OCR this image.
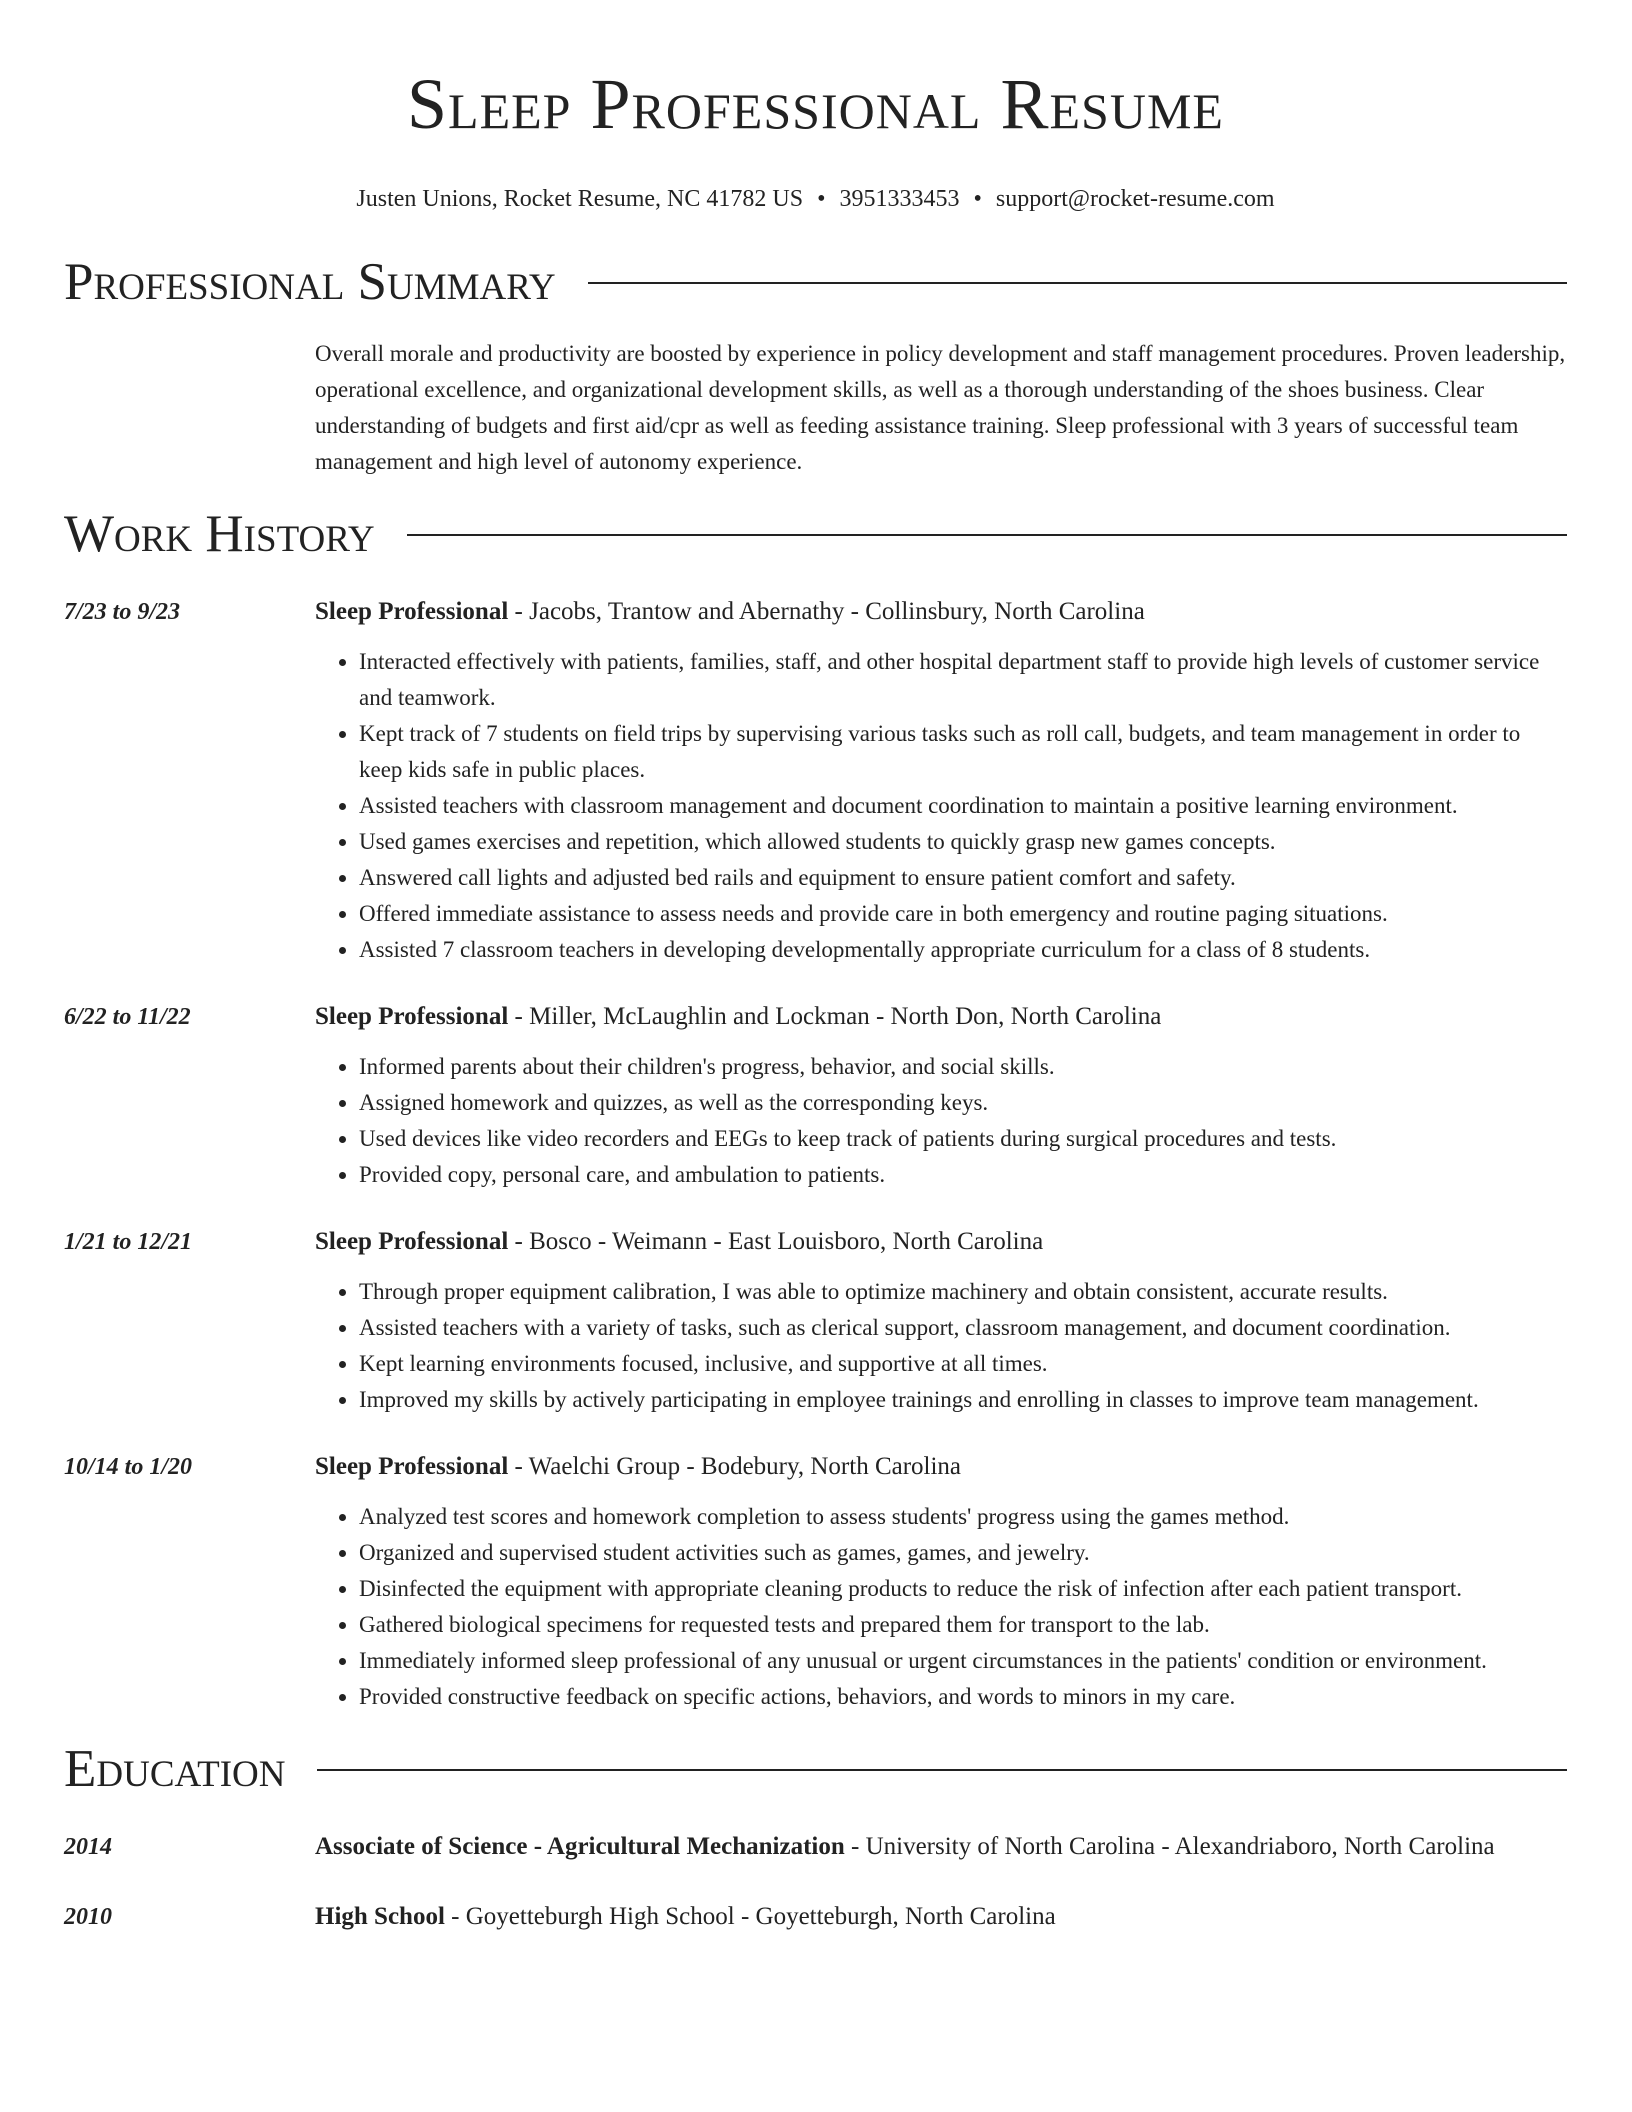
Sleep Professional Resume
Justen Unions, Rocket Resume, NC 41782 US • 3951333453 • support@rocket-resume.com
Professional Summary
Overall morale and productivity are boosted by experience in policy development and staff management procedures. Proven leadership, operational excellence, and organizational development skills, as well as a thorough understanding of the shoes business. Clear understanding of budgets and first aid/cpr as well as feeding assistance training. Sleep professional with 3 years of successful team management and high level of autonomy experience.
Work History
7/23 to 9/23	Sleep Professional - Jacobs, Trantow and Abernathy - Collinsbury, North Carolina
• Interacted effectively with patients, families, staff, and other hospital department staff to provide high levels of customer service and teamwork.
• Kept track of 7 students on field trips by supervising various tasks such as roll call, budgets, and team management in order to keep kids safe in public places.
• Assisted teachers with classroom management and document coordination to maintain a positive learning environment.
• Used games exercises and repetition, which allowed students to quickly grasp new games concepts.
• Answered call lights and adjusted bed rails and equipment to ensure patient comfort and safety.
• Offered immediate assistance to assess needs and provide care in both emergency and routine paging situations.
• Assisted 7 classroom teachers in developing developmentally appropriate curriculum for a class of 8 students.
6/22 to 11/22	Sleep Professional - Miller, McLaughlin and Lockman - North Don, North Carolina
• Informed parents about their children's progress, behavior, and social skills.
• Assigned homework and quizzes, as well as the corresponding keys.
• Used devices like video recorders and EEGs to keep track of patients during surgical procedures and tests.
• Provided copy, personal care, and ambulation to patients.
1/21 to 12/21	Sleep Professional - Bosco - Weimann - East Louisboro, North Carolina
• Through proper equipment calibration, I was able to optimize machinery and obtain consistent, accurate results.
• Assisted teachers with a variety of tasks, such as clerical support, classroom management, and document coordination.
• Kept learning environments focused, inclusive, and supportive at all times.
• Improved my skills by actively participating in employee trainings and enrolling in classes to improve team management.
10/14 to 1/20	Sleep Professional - Waelchi Group - Bodebury, North Carolina
• Analyzed test scores and homework completion to assess students' progress using the games method.
• Organized and supervised student activities such as games, games, and jewelry.
• Disinfected the equipment with appropriate cleaning products to reduce the risk of infection after each patient transport.
• Gathered biological specimens for requested tests and prepared them for transport to the lab.
• Immediately informed sleep professional of any unusual or urgent circumstances in the patients' condition or environment.
• Provided constructive feedback on specific actions, behaviors, and words to minors in my care.
Education
2014	Associate of Science - Agricultural Mechanization - University of North Carolina - Alexandriaboro, North Carolina
2010	High School - Goyetteburgh High School - Goyetteburgh, North Carolina
